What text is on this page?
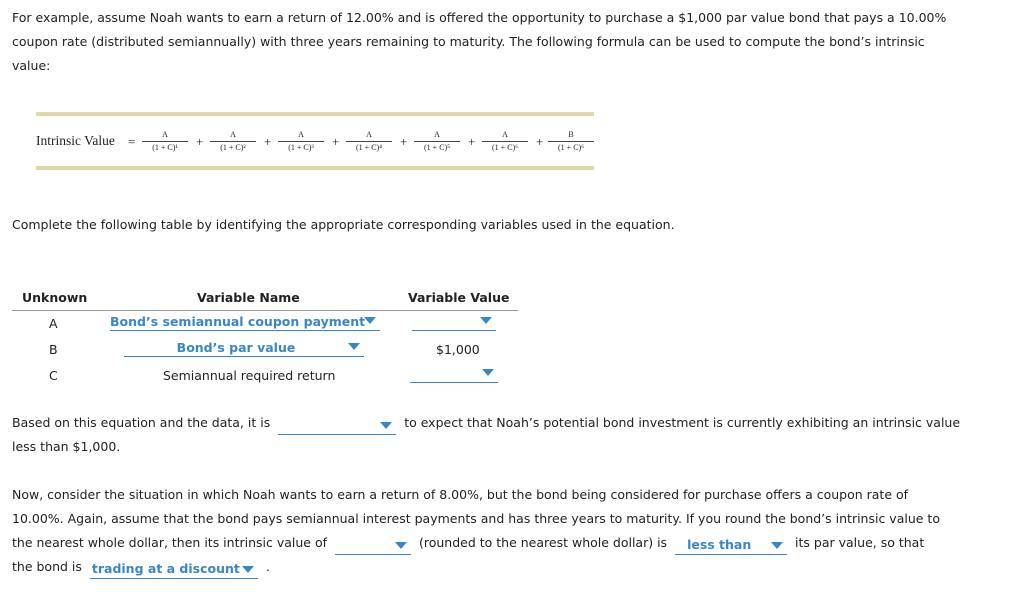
For example, assume Noah wants to earn a return of 12.00% and is offered the opportunity to purchase a $1,000 par value bond that pays a 10.00%
coupon rate (distributed semiannually) with three years remaining to maturity. The following formula can be used to compute the bond’s intrinsic
value:
Intrinsic Value = $\frac{A}{\text{(1 + C)¹}} + \frac{A}{\text{(1 + C)²}} + \frac{A}{\text{(1 + C)³}} + \frac{A}{\text{(1 + C)⁴}} + \frac{A}{\text{(1 + C)⁵}} + \frac{A}{\text{(1 + C)⁶}} + \frac{B}{\text{(1 + C)⁶}}$
Complete the following table by identifying the appropriate corresponding variables used in the equation.
Unknown	Variable Name	Variable Value
A	Bond’s semiannual coupon payment
B	Bond’s par value	$1,000
C	Semiannual required return
Based on this equation and the data, it is	to expect that Noah’s potential bond investment is currently exhibiting an intrinsic value
less than $1,000.
Now, consider the situation in which Noah wants to earn a return of 8.00%, but the bond being considered for purchase offers a coupon rate of
10.00%. Again, assume that the bond pays semiannual interest payments and has three years to maturity. If you round the bond’s intrinsic value to
the nearest whole dollar, then its intrinsic value of	(rounded to the nearest whole dollar) is less than	its par value, so that
the bond is trading at a discount .
